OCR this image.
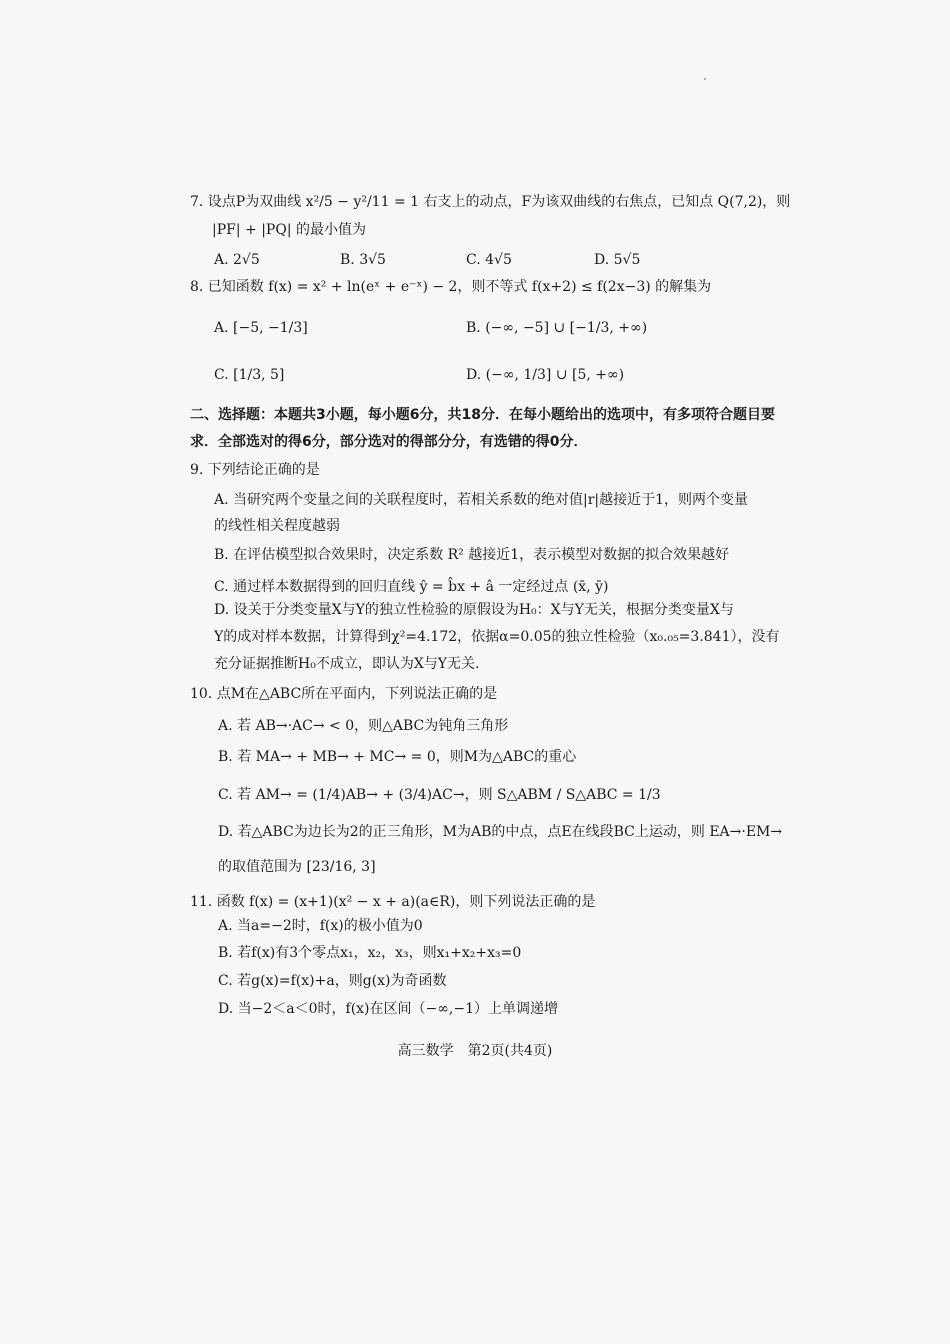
7. 设点P为双曲线 x²/5 − y²/11 = 1 右支上的动点，F为该双曲线的右焦点，已知点 Q(7,2)，则
|PF| + |PQ| 的最小值为
A. 2√5	B. 3√5	C. 4√5	D. 5√5
8. 已知函数 f(x) = x² + ln(eˣ + e⁻ˣ) − 2，则不等式 f(x+2) ≤ f(2x−3) 的解集为
A. [−5, −1/3]	B. (−∞, −5] ∪ [−1/3, +∞)
C. [1/3, 5]	D. (−∞, 1/3] ∪ [5, +∞)
二、选择题：本题共3小题，每小题6分，共18分．在每小题给出的选项中，有多项符合题目要
求．全部选对的得6分，部分选对的得部分分，有选错的得0分．
9. 下列结论正确的是
A. 当研究两个变量之间的关联程度时，若相关系数的绝对值|r|越接近于1，则两个变量
的线性相关程度越弱
B. 在评估模型拟合效果时，决定系数 R² 越接近1，表示模型对数据的拟合效果越好
C. 通过样本数据得到的回归直线 ŷ = b̂x + â 一定经过点 (x̄, ȳ)
D. 设关于分类变量X与Y的独立性检验的原假设为H₀：X与Y无关，根据分类变量X与
Y的成对样本数据，计算得到χ²=4.172，依据α=0.05的独立性检验（x₀.₀₅=3.841），没有
充分证据推断H₀不成立，即认为X与Y无关.
10. 点M在△ABC所在平面内，下列说法正确的是
A. 若 AB→·AC→ < 0，则△ABC为钝角三角形
B. 若 MA→ + MB→ + MC→ = 0，则M为△ABC的重心
C. 若 AM→ = (1/4)AB→ + (3/4)AC→，则 S△ABM / S△ABC = 1/3
D. 若△ABC为边长为2的正三角形，M为AB的中点，点E在线段BC上运动，则 EA→·EM→
的取值范围为 [23/16, 3]
11. 函数 f(x) = (x+1)(x² − x + a)(a∈R)，则下列说法正确的是
A. 当a=−2时，f(x)的极小值为0
B. 若f(x)有3个零点x₁，x₂，x₃，则x₁+x₂+x₃=0
C. 若g(x)=f(x)+a，则g(x)为奇函数
D. 当−2＜a＜0时，f(x)在区间（−∞,−1）上单调递增
高三数学　第2页(共4页)
